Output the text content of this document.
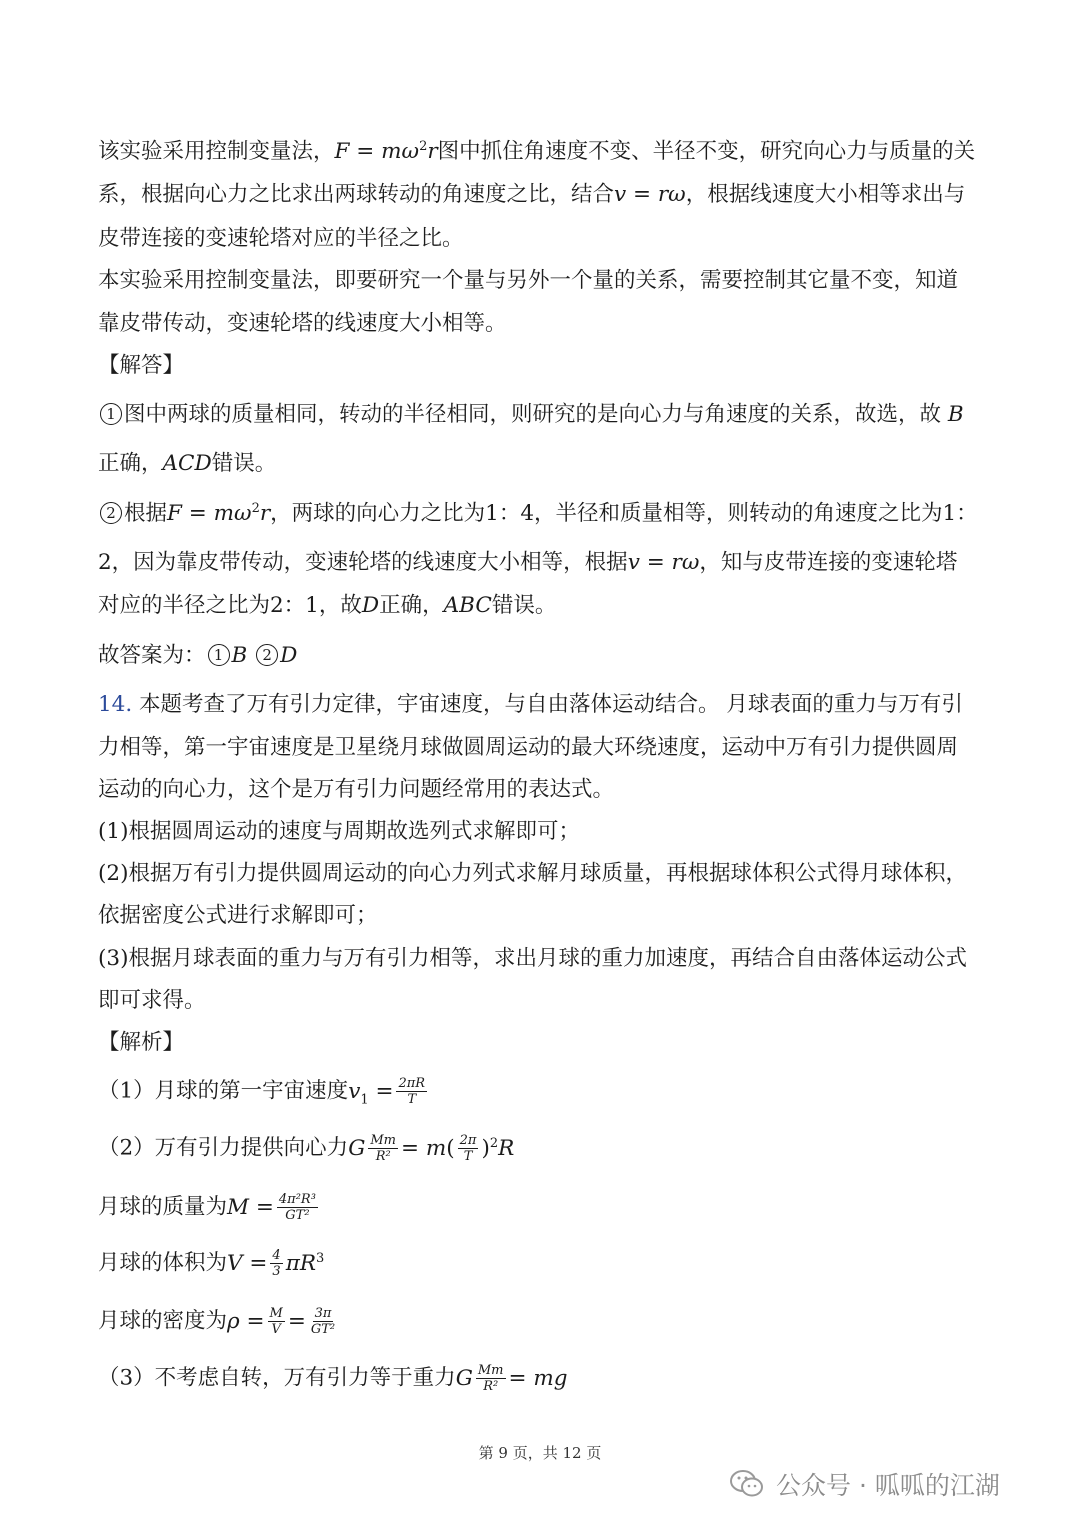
该实验采用控制变量法，$F = m\omega^2r$图中抓住角速度不变、半径不变，研究向心力与质量的关
系，根据向心力之比求出两球转动的角速度之比，结合v = rω，根据线速度大小相等求出与
皮带连接的变速轮塔对应的半径之比。
本实验采用控制变量法，即要研究一个量与另外一个量的关系，需要控制其它量不变，知道
靠皮带传动，变速轮塔的线速度大小相等。
【解答】
1 图中两球的质量相同，转动的半径相同，则研究的是向心力与角速度的关系，故选，故 B
正确，ACD错误。
2 根据$F = m\omega^2r$，两球的向心力之比为1：4，半径和质量相等，则转动的角速度之比为1：
2，因为靠皮带传动，变速轮塔的线速度大小相等，根据v = rω，知与皮带连接的变速轮塔
对应的半径之比为2：1，故D正确，ABC错误。
故答案为： 1 B 2 D
14. 本题考查了万有引力定律，宇宙速度，与自由落体运动结合。 月球表面的重力与万有引
力相等，第一宇宙速度是卫星绕月球做圆周运动的最大环绕速度，运动中万有引力提供圆周
运动的向心力，这个是万有引力问题经常用的表达式。
(1)根据圆周运动的速度与周期故选列式求解即可；
(2)根据万有引力提供圆周运动的向心力列式求解月球质量，再根据球体积公式得月球体积，
依据密度公式进行求解即可；
(3)根据月球表面的重力与万有引力相等，求出月球的重力加速度，再结合自由落体运动公式
即可求得。
【解析】
（1）月球的第一宇宙速度$v_1 = \frac{2\pi R}{T}$
（2）万有引力提供向心力G $\frac{Mm}{\text{R²}} = m( \frac{2\pi}{T} )^2R$
月球的质量为$M = \frac{\text{4π²R³}}{\text{GT²}}$
月球的体积为$V = \frac{4}{3} \pi R^3$
月球的密度为$\rho = \frac{M}{V} = \frac{3\pi}{\text{GT²}}$
（3）不考虑自转，万有引力等于重力G $\frac{Mm}{\text{R²}}$ = mg
第 9 页，共 12 页
公众号 · 呱呱的江湖
